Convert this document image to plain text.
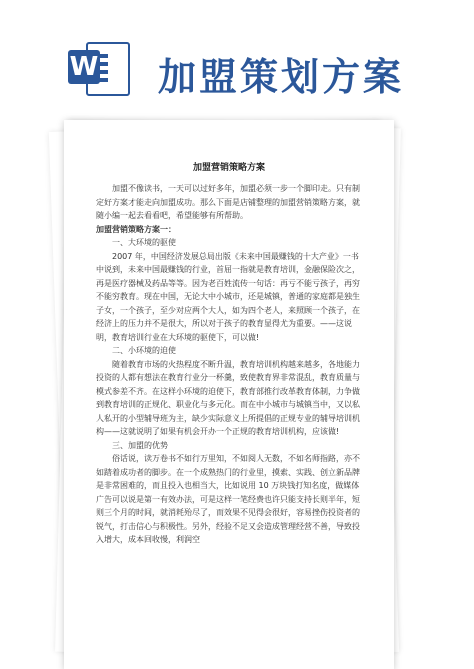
W 加盟策划方案
加盟营销策略方案

加盟不像读书，一天可以过好多年，加盟必须一步一个脚印走。只有制定好方案才能走向加盟成功。那么下面是店铺整理的加盟营销策略方案，就随小编一起去看看吧，希望能够有所帮助。

加盟营销策略方案一：

一、大环境的驱使

2007 年，中国经济发展总局出版《未来中国最赚钱的十大产业》一书中说到，未来中国最赚钱的行业，首屈一指就是教育培训，金融保险次之，再是医疗器械及药品等等。因为老百姓流传一句话：再亏不能亏孩子，再穷不能穷教育。现在中国，无论大中小城市，还是城镇，普通的家庭都是独生子女，一个孩子，至少对应两个大人，如为四个老人，来照顾一个孩子，在经济上的压力并不是很大，所以对于孩子的教育显得尤为重要。——这说明，教育培训行业在大环境的驱使下，可以做!

二、小环境的迫使

随着教育市场的火热程度不断升温，教育培训机构越来越多，各地能力投资的人都有想法在教育行业分一杯羹，致使教育界非常混乱，教育质量与模式参差不齐。在这样小环境的迫使下，教育部推行改革教育体制，力争做到教育培训的正规化、职业化与多元化。而在中小城市与城镇当中，又以私人私开的小型辅导班为主，缺少实际意义上所提倡的正规专业的辅导培训机构——这就说明了如果有机会开办一个正规的教育培训机构，应该做!

三、加盟的优势

俗话说，读万卷书不如行万里知，不如阅人无数，不如名师指路，亦不如踏着成功者的脚步。在一个成熟热门的行业里，摸索、实践、创立新品牌是非常困难的，而且投入也相当大，比如说用 10 万块钱打知名度，做媒体广告可以说是第一有效办法，可是这样一笔经费也许只能支持长则半年，短则三个月的时间，就消耗殆尽了，而效果不见得会很好，容易挫伤投资者的锐气，打击信心与积极性。另外，经验不足又会造成管理经营不善，导致投入增大，成本回收慢，利润空
